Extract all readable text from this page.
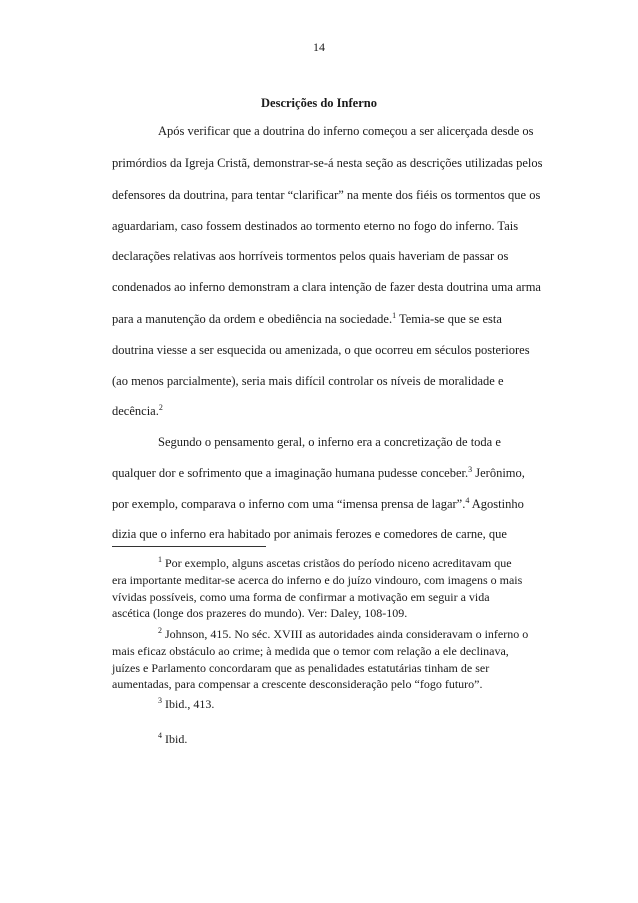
14
Descrições do Inferno
Após verificar que a doutrina do inferno começou a ser alicerçada desde os
primórdios da Igreja Cristã, demonstrar-se-á nesta seção as descrições utilizadas pelos
defensores da doutrina, para tentar “clarificar” na mente dos fiéis os tormentos que os
aguardariam, caso fossem destinados ao tormento eterno no fogo do inferno. Tais
declarações relativas aos horríveis tormentos pelos quais haveriam de passar os
condenados ao inferno demonstram a clara intenção de fazer desta doutrina uma arma
para a manutenção da ordem e obediência na sociedade.$^1$ Temia-se que se esta
doutrina viesse a ser esquecida ou amenizada, o que ocorreu em séculos posteriores
(ao menos parcialmente), seria mais difícil controlar os níveis de moralidade e
decência.$^2$
Segundo o pensamento geral, o inferno era a concretização de toda e
qualquer dor e sofrimento que a imaginação humana pudesse conceber.$^3$ Jerônimo,
por exemplo, comparava o inferno com uma “imensa prensa de lagar”.$^4$ Agostinho
dizia que o inferno era habitado por animais ferozes e comedores de carne, que
$^1$ Por exemplo, alguns ascetas cristãos do período niceno acreditavam que
era importante meditar-se acerca do inferno e do juízo vindouro, com imagens o mais
vívidas possíveis, como uma forma de confirmar a motivação em seguir a vida
ascética (longe dos prazeres do mundo). Ver: Daley, 108-109.
$^2$ Johnson, 415. No séc. XVIII as autoridades ainda consideravam o inferno o
mais eficaz obstáculo ao crime; à medida que o temor com relação a ele declinava,
juízes e Parlamento concordaram que as penalidades estatutárias tinham de ser
aumentadas, para compensar a crescente desconsideração pelo “fogo futuro”.
$^3$ Ibid., 413.
$^4$ Ibid.
